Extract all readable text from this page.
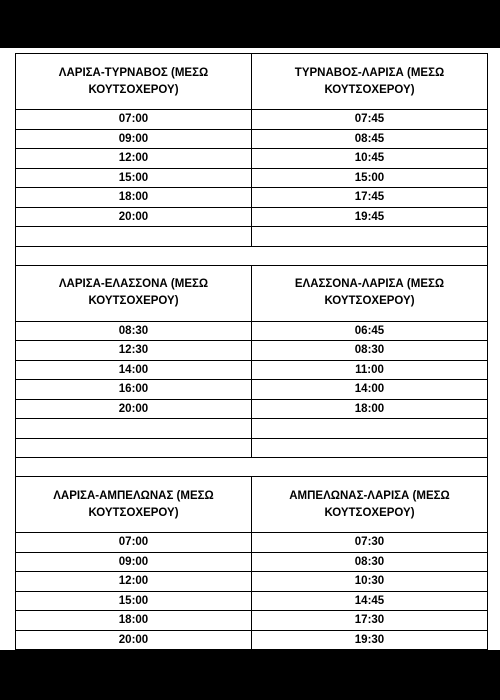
ΛΑΡΙΣΑ-ΤΥΡΝΑΒΟΣ (ΜΕΣΩ ΚΟΥΤΣΟΧΕΡΟΥ)	ΤΥΡΝΑΒΟΣ-ΛΑΡΙΣΑ (ΜΕΣΩ ΚΟΥΤΣΟΧΕΡΟΥ)
07:00	07:45
09:00	08:45
12:00	10:45
15:00	15:00
18:00	17:45
20:00	19:45

ΛΑΡΙΣΑ-ΕΛΑΣΣΟΝΑ (ΜΕΣΩ ΚΟΥΤΣΟΧΕΡΟΥ)	ΕΛΑΣΣΟΝΑ-ΛΑΡΙΣΑ (ΜΕΣΩ ΚΟΥΤΣΟΧΕΡΟΥ)
08:30	06:45
12:30	08:30
14:00	11:00
16:00	14:00
20:00	18:00

ΛΑΡΙΣΑ-ΑΜΠΕΛΩΝΑΣ (ΜΕΣΩ ΚΟΥΤΣΟΧΕΡΟΥ)	ΑΜΠΕΛΩΝΑΣ-ΛΑΡΙΣΑ (ΜΕΣΩ ΚΟΥΤΣΟΧΕΡΟΥ)
07:00	07:30
09:00	08:30
12:00	10:30
15:00	14:45
18:00	17:30
20:00	19:30
